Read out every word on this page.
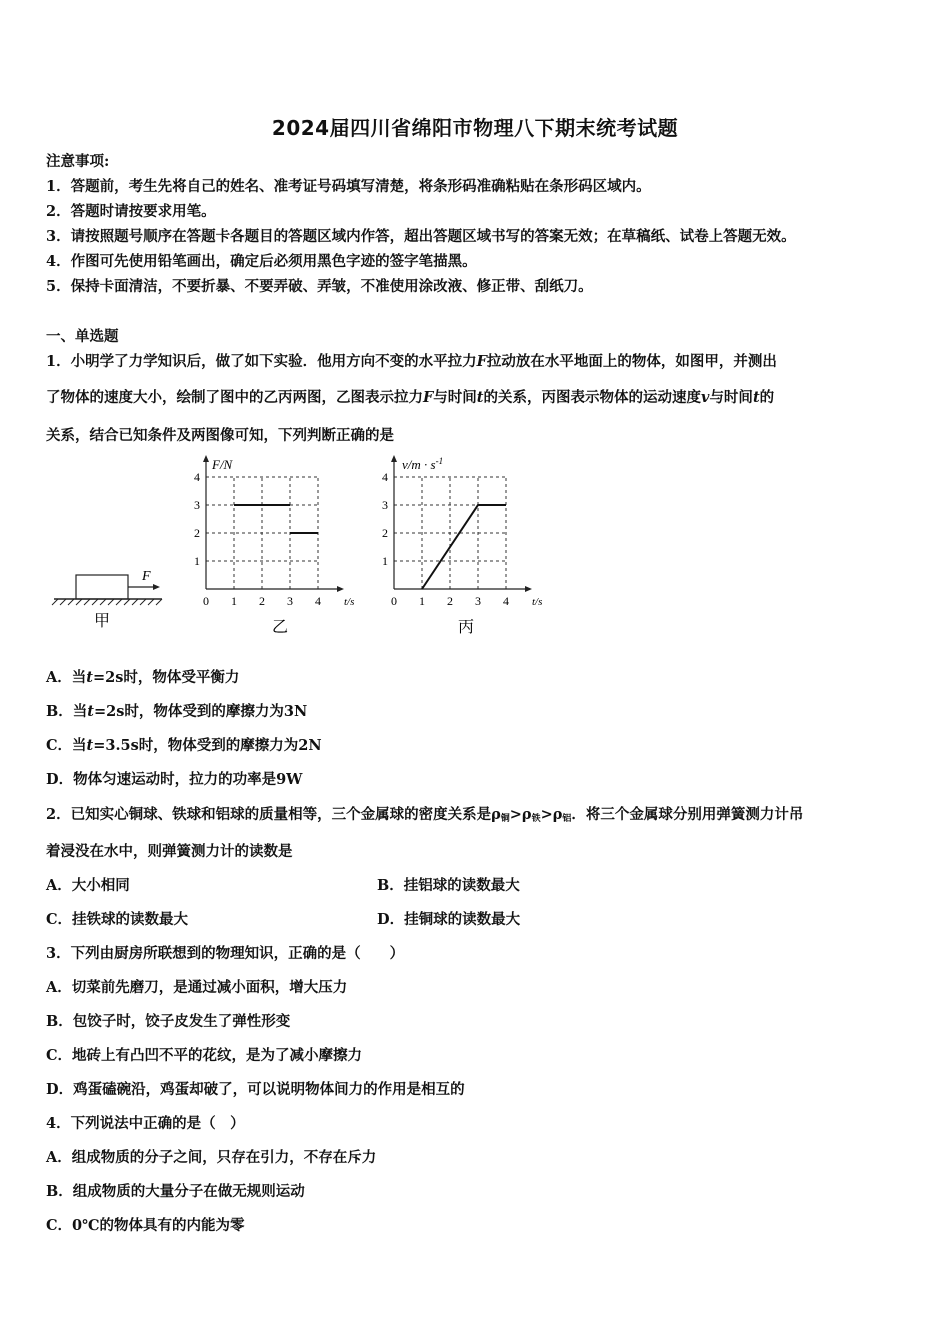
2024届四川省绵阳市物理八下期末统考试题
注意事项:
1．答题前，考生先将自己的姓名、准考证号码填写清楚，将条形码准确粘贴在条形码区域内。
2．答题时请按要求用笔。
3．请按照题号顺序在答题卡各题目的答题区域内作答，超出答题区域书写的答案无效；在草稿纸、试卷上答题无效。
4．作图可先使用铅笔画出，确定后必须用黑色字迹的签字笔描黑。
5．保持卡面清洁，不要折暴、不要弄破、弄皱，不准使用涂改液、修正带、刮纸刀。
一、单选题
1．小明学了力学知识后，做了如下实验．他用方向不变的水平拉力F拉动放在水平地面上的物体，如图甲，并测出
了物体的速度大小，绘制了图中的乙丙两图，乙图表示拉力F与时间t的关系，丙图表示物体的运动速度v与时间t的
关系，结合已知条件及两图像可知，下列判断正确的是
F
甲
F/N
t/s
乙
0 1 2 3 4
1
2
3
4
$v/m \cdot s^{-1}$
t/s
丙
0 1 2 3 4
1
2
3
4
A．当t=2s时，物体受平衡力
B．当t=2s时，物体受到的摩擦力为3N
C．当t=3.5s时，物体受到的摩擦力为2N
D．物体匀速运动时，拉力的功率是9W
2．已知实心铜球、铁球和铝球的质量相等，三个金属球的密度关系是$\rho_铜>\rho_铁>\rho_铝$．将三个金属球分别用弹簧测力计吊
着浸没在水中，则弹簧测力计的读数是
A．大小相同	B．挂铝球的读数最大
C．挂铁球的读数最大	D．挂铜球的读数最大
3．下列由厨房所联想到的物理知识，正确的是（　　）
A．切菜前先磨刀，是通过减小面积，增大压力
B．包饺子时，饺子皮发生了弹性形变
C．地砖上有凸凹不平的花纹，是为了减小摩擦力
D．鸡蛋磕碗沿，鸡蛋却破了，可以说明物体间力的作用是相互的
4．下列说法中正确的是（　）
A．组成物质的分子之间，只存在引力，不存在斥力
B．组成物质的大量分子在做无规则运动
C．0℃的物体具有的内能为零
